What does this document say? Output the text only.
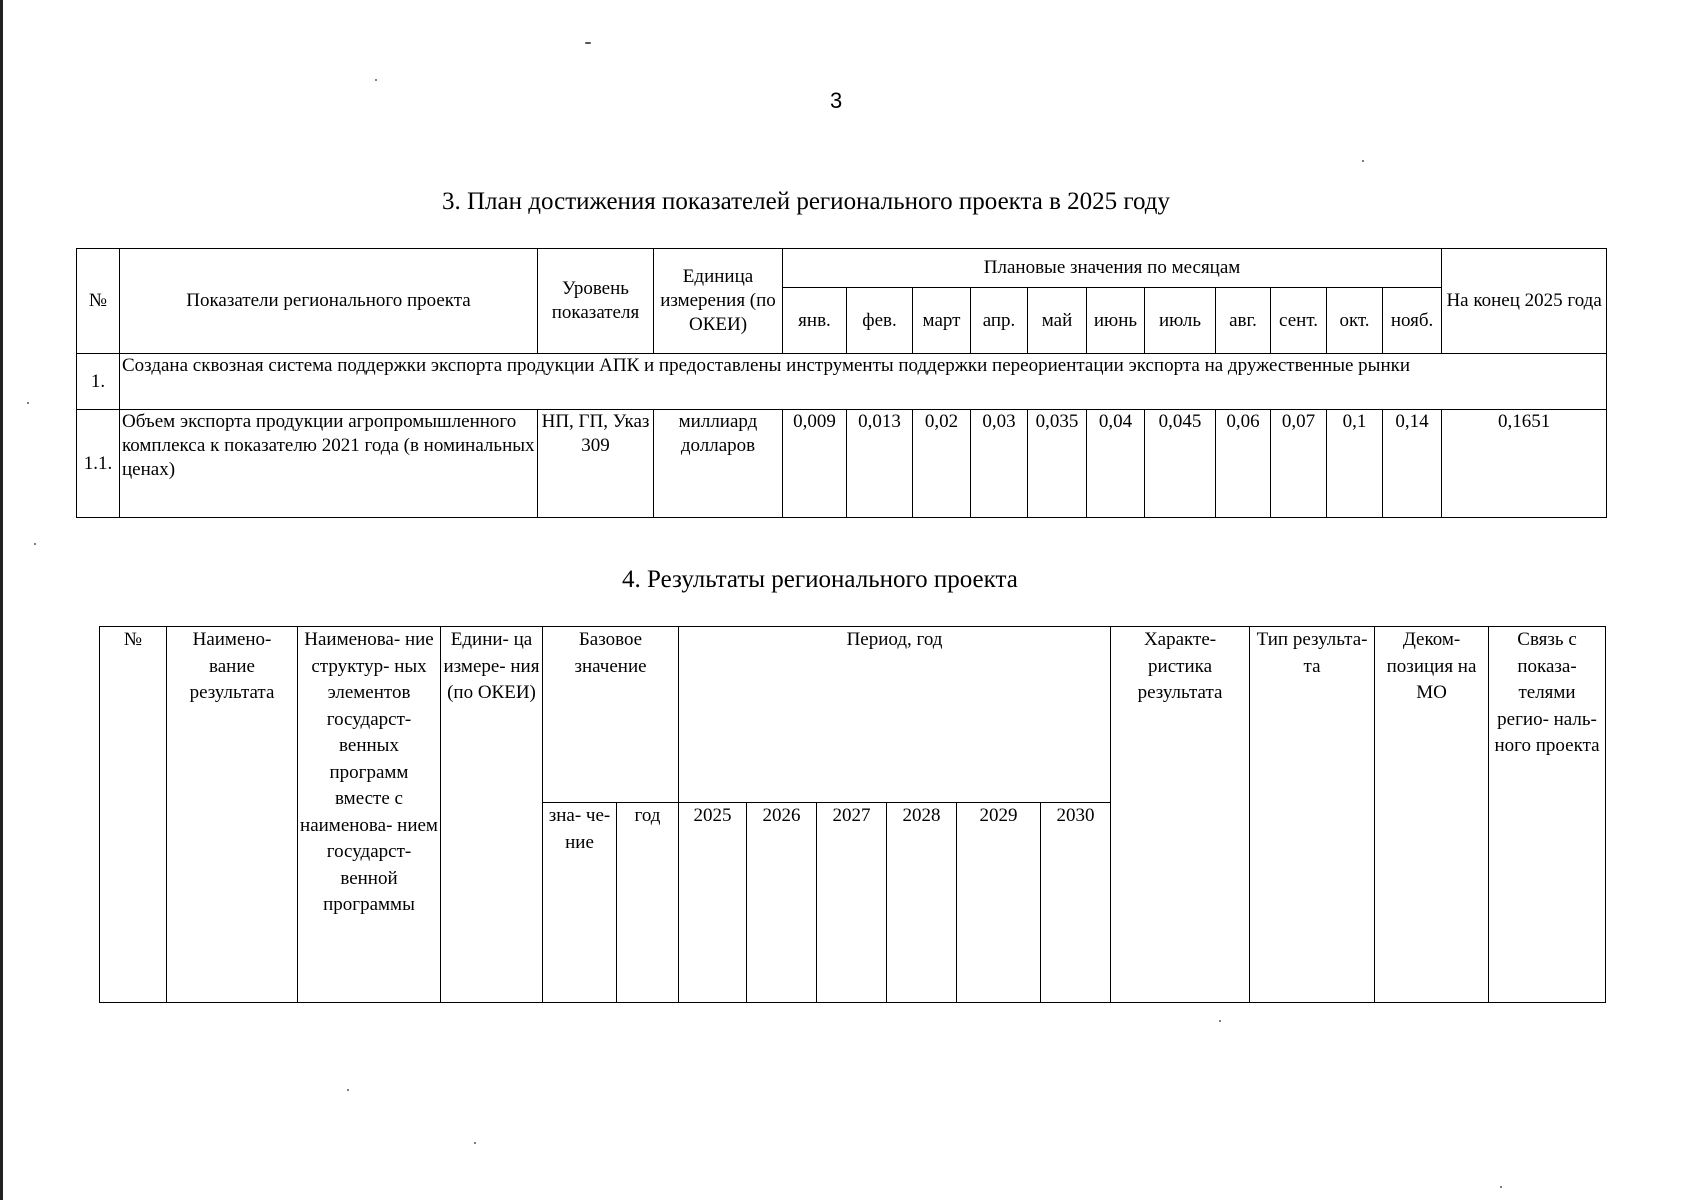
3
3. План достижения показателей регионального проекта в 2025 году
№	Показатели регионального проекта	Уровень показателя	Единица измерения (по ОКЕИ)	Плановые значения по месяцам											На конец 2025 года
				янв.	фев.	март	апр.	май	июнь	июль	авг.	сент.	окт.	нояб.	
1.	Создана сквозная система поддержки экспорта продукции АПК и предоставлены инструменты поддержки переориентации экспорта на дружественные рынки														
1.1.	Объем экспорта продукции агропромышленного комплекса к показателю 2021 года (в номинальных ценах)	НП, ГП, Указ 309	миллиард долларов	0,009	0,013	0,02	0,03	0,035	0,04	0,045	0,06	0,07	0,1	0,14	0,1651
4. Результаты регионального проекта
№	Наимено- вание результата	Наименова- ние структур- ных элементов государст- венных программ вместе с наименова- нием государст- венной программы	Едини- ца измере- ния (по ОКЕИ)	Базовое значение		Период, год						Характе- ристика результата	Тип результа- та	Деком- позиция на МО	Связь с показа- телями регио- наль- ного проекта
				зна- че- ние	год	2025	2026	2027	2028	2029	2030				
